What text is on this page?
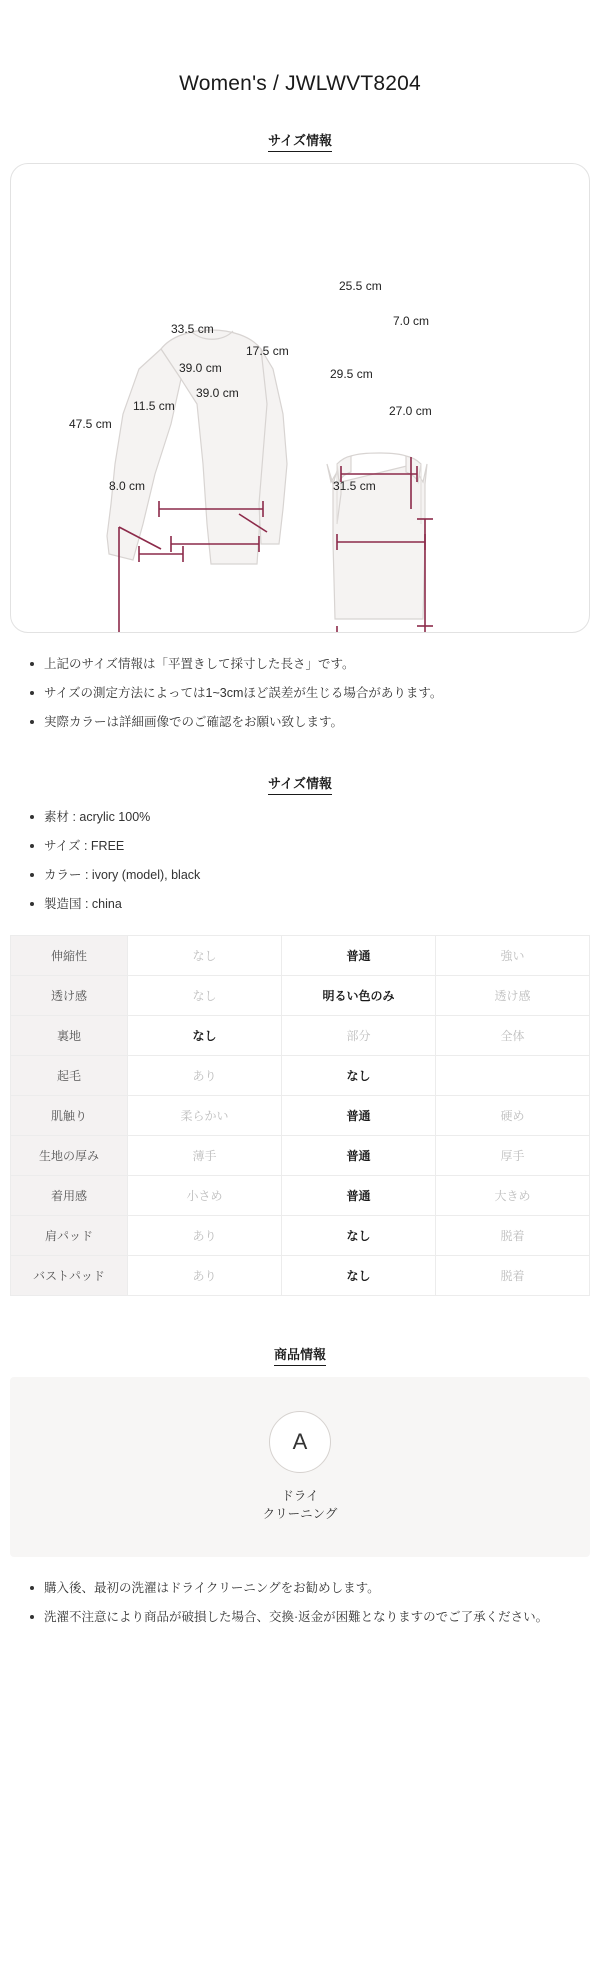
Women's / JWLWVT8204
サイズ情報
33.5 cm
17.5 cm
39.0 cm
39.0 cm
11.5 cm
47.5 cm
8.0 cm
25.5 cm
7.0 cm
29.5 cm
27.0 cm
31.5 cm
上記のサイズ情報は「平置きして採寸した長さ」です。
サイズの測定方法によっては1~3cmほど誤差が生じる場合があります。
実際カラーは詳細画像でのご確認をお願い致します。
サイズ情報
素材 : acrylic 100%
サイズ : FREE
カラー : ivory (model), black
製造国 : china
伸縮性	なし	普通	強い
透け感	なし	明るい色のみ	透け感
裏地	なし	部分	全体
起毛	あり	なし	
肌触り	柔らかい	普通	硬め
生地の厚み	薄手	普通	厚手
着用感	小さめ	普通	大きめ
肩パッド	あり	なし	脱着
バストパッド	あり	なし	脱着
商品情報
A
ドライ
クリーニング
購入後、最初の洗濯はドライクリーニングをお勧めします。
洗濯不注意により商品が破損した場合、交換·返金が困難となりますのでご了承ください。
